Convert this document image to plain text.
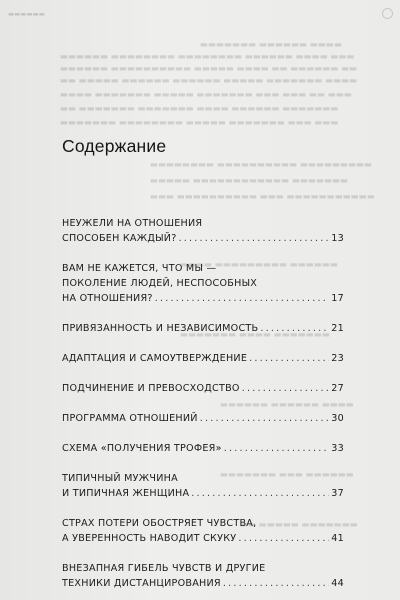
▬▬▬▬ ▬▬▬▬▬▬ ▬▬▬▬▬▬▬
▬▬▬ ▬▬▬▬ ▬▬▬▬▬▬ ▬▬▬▬▬▬▬▬ ▬▬▬▬▬▬▬▬ ▬▬▬▬▬▬
▬▬ ▬▬▬▬▬▬ ▬▬ ▬▬▬▬ ▬▬▬▬▬ ▬▬▬▬▬▬▬▬▬▬ ▬▬▬▬▬▬
▬▬▬▬ ▬▬▬▬▬▬▬ ▬▬▬▬▬ ▬▬▬▬▬▬ ▬▬▬▬▬▬ ▬▬▬▬▬ ▬▬
▬▬▬ ▬▬ ▬▬▬ ▬▬▬ ▬▬▬▬▬▬▬ ▬▬▬▬▬ ▬▬▬▬▬▬▬ ▬▬▬▬
▬▬▬▬▬▬▬ ▬▬▬▬▬▬ ▬▬▬▬ ▬▬▬▬▬▬▬ ▬▬▬▬▬▬▬ ▬▬
▬▬▬ ▬▬▬ ▬▬▬▬▬▬▬ ▬▬▬▬▬ ▬▬▬▬▬▬▬▬ ▬▬▬▬▬▬▬
▬▬▬▬▬▬▬▬▬ ▬▬▬▬▬▬▬▬▬▬ ▬▬▬▬▬▬▬▬
▬▬▬▬▬▬▬ ▬▬▬▬▬▬▬▬▬▬▬▬ ▬▬▬▬▬
▬▬▬▬▬▬▬▬▬▬▬ ▬▬▬ ▬▬▬▬▬▬▬▬▬▬ ▬▬▬
▬▬▬▬▬▬ ▬▬▬▬▬▬▬▬▬ ▬▬▬▬
▬▬▬▬▬▬▬ ▬▬▬▬ ▬▬▬▬▬▬▬
▬▬▬▬ ▬▬▬▬▬▬ ▬▬▬▬▬▬
▬▬▬▬▬▬ ▬▬▬ ▬▬▬▬▬▬▬
▬▬▬▬▬▬▬ ▬▬▬▬▬ ▬▬
▬▬▬▬▬▬
Содержание
НЕУЖЕЛИ НА ОТНОШЕНИЯ
СПОСОБЕН КАЖДЫЙ? .....	13
ВАМ НЕ КАЖЕТСЯ, ЧТО МЫ —
ПОКОЛЕНИЕ ЛЮДЕЙ, НЕСПОСОБНЫХ
НА ОТНОШЕНИЯ? .....	17
ПРИВЯЗАННОСТЬ И НЕЗАВИСИМОСТЬ .....	21
АДАПТАЦИЯ И САМОУТВЕРЖДЕНИЕ .....	23
ПОДЧИНЕНИЕ И ПРЕВОСХОДСТВО .....	27
ПРОГРАММА ОТНОШЕНИЙ .....	30
СХЕМА «ПОЛУЧЕНИЯ ТРОФЕЯ» .....	33
ТИПИЧНЫЙ МУЖЧИНА
И ТИПИЧНАЯ ЖЕНЩИНА .....	37
СТРАХ ПОТЕРИ ОБОСТРЯЕТ ЧУВСТВА,
А УВЕРЕННОСТЬ НАВОДИТ СКУКУ .....	41
ВНЕЗАПНАЯ ГИБЕЛЬ ЧУВСТВ И ДРУГИЕ
ТЕХНИКИ ДИСТАНЦИРОВАНИЯ .....	44
